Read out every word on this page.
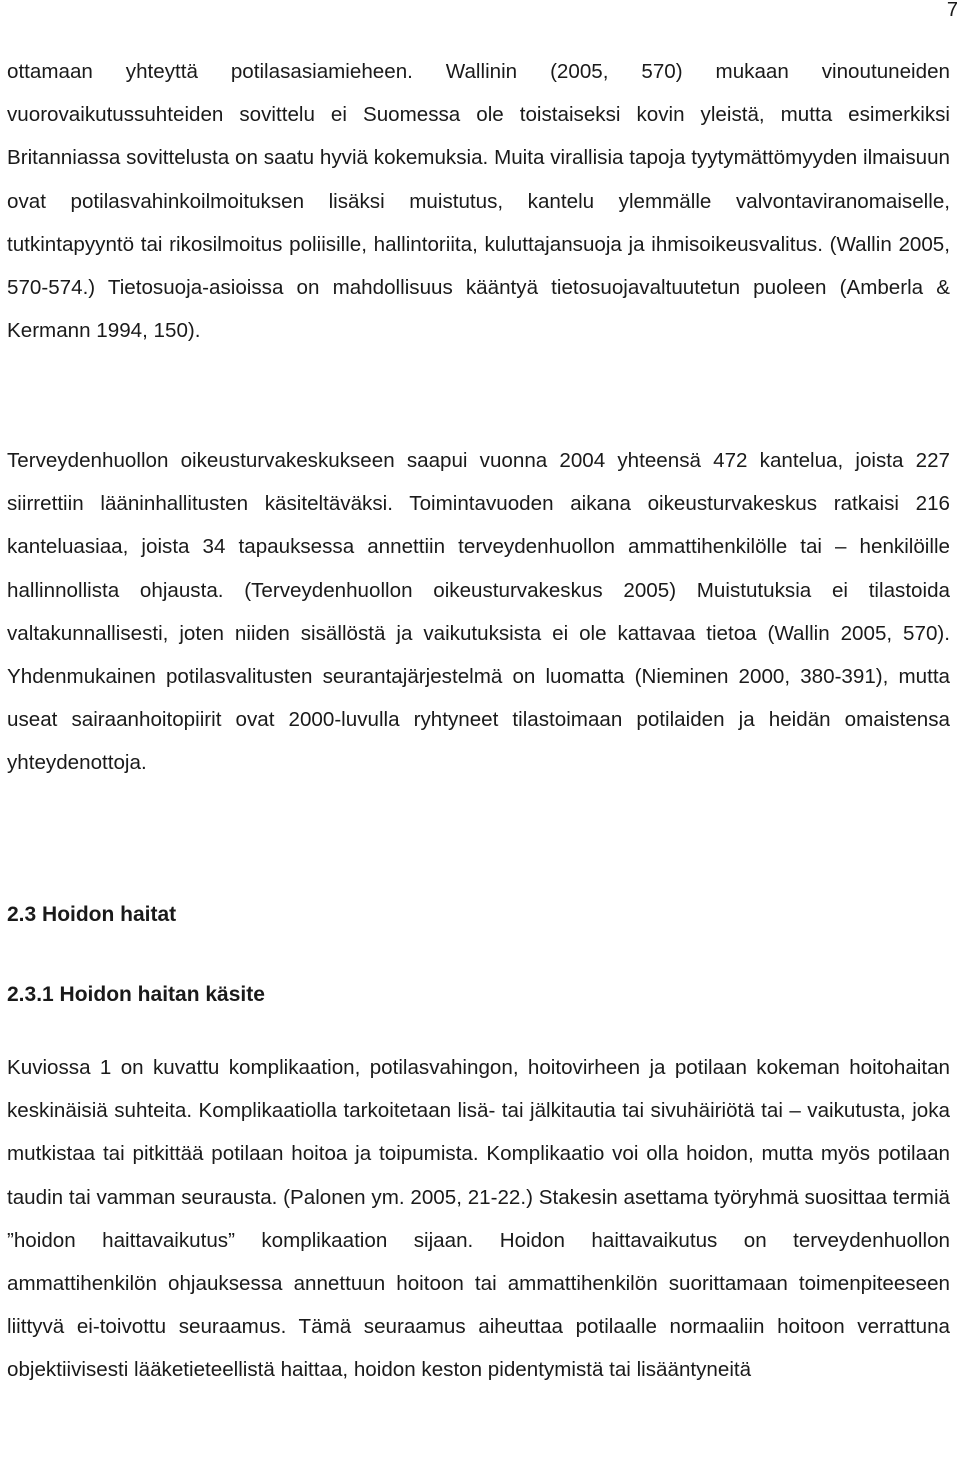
7

ottamaan yhteyttä potilasasiamieheen. Wallinin (2005, 570) mukaan vinoutuneiden vuorovaikutussuhteiden sovittelu ei Suomessa ole toistaiseksi kovin yleistä, mutta esimerkiksi Britanniassa sovittelusta on saatu hyviä kokemuksia. Muita virallisia tapoja tyytymättömyyden ilmaisuun ovat potilasvahinkoilmoituksen lisäksi muistutus, kantelu ylemmälle valvontaviranomaiselle, tutkintapyyntö tai rikosilmoitus poliisille, hallintoriita, kuluttajansuoja ja ihmisoikeusvalitus. (Wallin 2005, 570-574.) Tietosuoja-asioissa on mahdollisuus kääntyä tietosuojavaltuutetun puoleen (Amberla & Kermann 1994, 150).

Terveydenhuollon oikeusturvakeskukseen saapui vuonna 2004 yhteensä 472 kantelua, joista 227 siirrettiin lääninhallitusten käsiteltäväksi. Toimintavuoden aikana oikeusturvakeskus ratkaisi 216 kanteluasiaa, joista 34 tapauksessa annettiin terveydenhuollon ammattihenkilölle tai – henkilöille hallinnollista ohjausta. (Terveydenhuollon oikeusturvakeskus 2005) Muistutuksia ei tilastoida valtakunnallisesti, joten niiden sisällöstä ja vaikutuksista ei ole kattavaa tietoa (Wallin 2005, 570). Yhdenmukainen potilasvalitusten seurantajärjestelmä on luomatta (Nieminen 2000, 380-391), mutta useat sairaanhoitopiirit ovat 2000-luvulla ryhtyneet tilastoimaan potilaiden ja heidän omaistensa yhteydenottoja.

2.3 Hoidon haitat
2.3.1 Hoidon haitan käsite

Kuviossa 1 on kuvattu komplikaation, potilasvahingon, hoitovirheen ja potilaan kokeman hoitohaitan keskinäisiä suhteita. Komplikaatiolla tarkoitetaan lisä- tai jälkitautia tai sivuhäiriötä tai – vaikutusta, joka mutkistaa tai pitkittää potilaan hoitoa ja toipumista. Komplikaatio voi olla hoidon, mutta myös potilaan taudin tai vamman seurausta. (Palonen ym. 2005, 21-22.) Stakesin asettama työryhmä suosittaa termiä ”hoidon haittavaikutus” komplikaation sijaan. Hoidon haittavaikutus on terveydenhuollon ammattihenkilön ohjauksessa annettuun hoitoon tai ammattihenkilön suorittamaan toimenpiteeseen liittyvä ei-toivottu seuraamus. Tämä seuraamus aiheuttaa potilaalle normaaliin hoitoon verrattuna objektiivisesti lääketieteellistä haittaa, hoidon keston pidentymistä tai lisääntyneitä
